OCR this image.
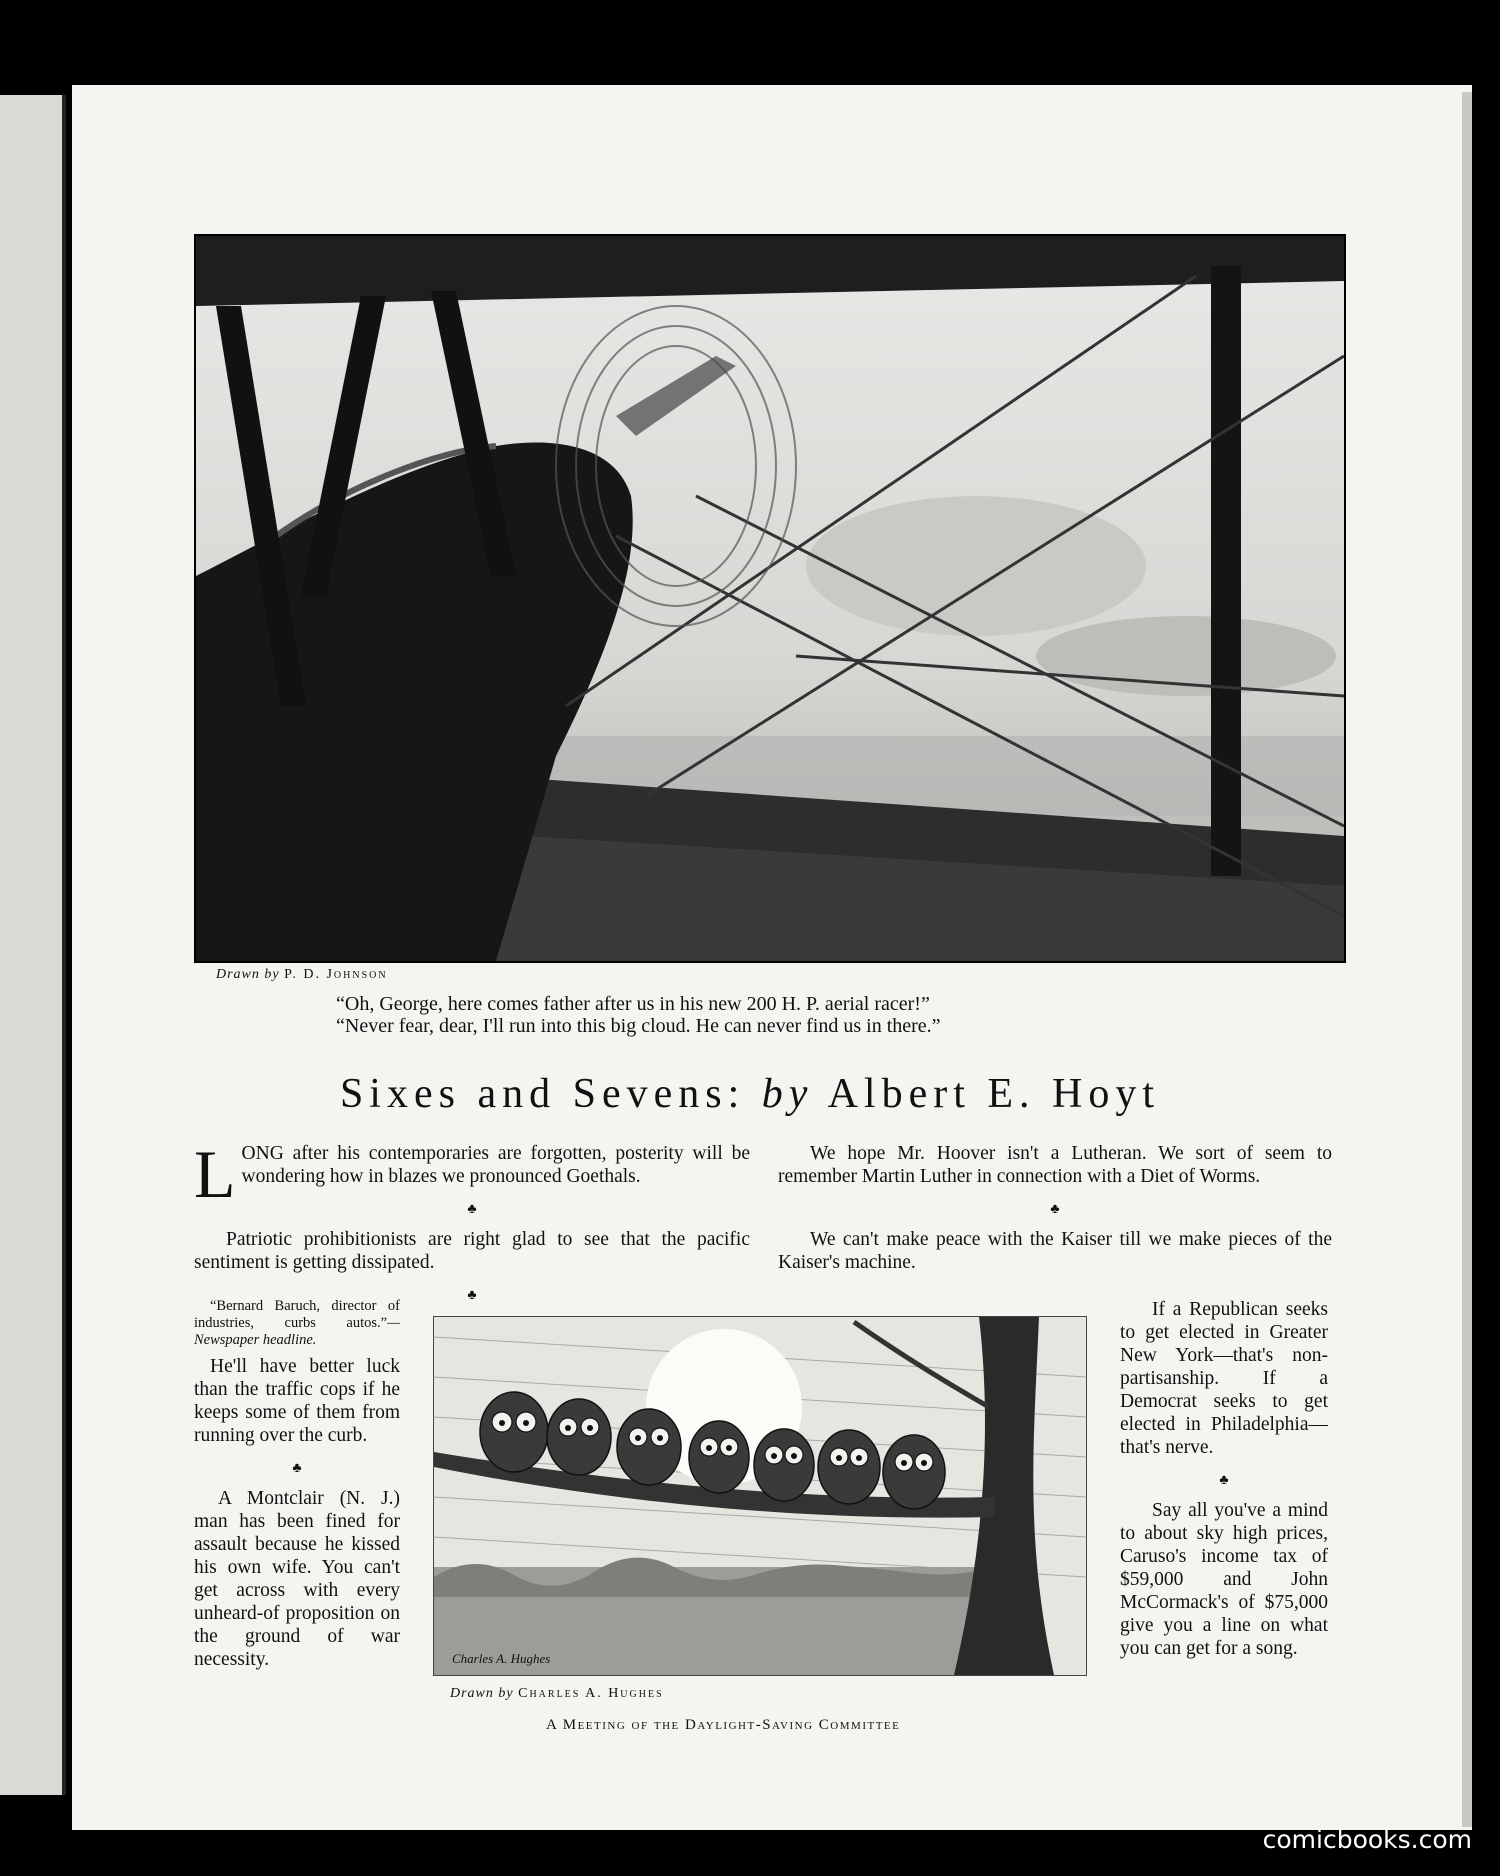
Drawn by P. D. Johnson
“Oh, George, here comes father after us in his new 200 H. P. aerial racer!”
“Never fear, dear, I'll run into this big cloud. He can never find us in there.”
Sixes and Sevens: by Albert E. Hoyt

L ONG after his contemporaries are forgotten, posterity will be wondering how in blazes we pronounced Goethals.

♣

Patriotic prohibitionists are right glad to see that the pacific sentiment is getting dissipated.

♣

We hope Mr. Hoover isn't a Lutheran. We sort of seem to remember Martin Luther in connection with a Diet of Worms.

♣

We can't make peace with the Kaiser till we make pieces of the Kaiser's machine.

“Bernard Baruch, director of industries, curbs autos.”—Newspaper headline.

He'll have better luck than the traffic cops if he keeps some of them from running over the curb.

♣

A Montclair (N. J.) man has been fined for assault because he kissed his own wife. You can't get across with every unheard-of proposition on the ground of war necessity.	Charles A. Hughes
Drawn by Charles A. Hughes
A Meeting of the Daylight-Saving Committee

If a Republican seeks to get elected in Greater New York—that's non-partisanship. If a Democrat seeks to get elected in Philadelphia—that's nerve.

♣

Say all you've a mind to about sky high prices, Caruso's income tax of $59,000 and John McCormack's of $75,000 give you a line on what you can get for a song.

comicbooks.com
